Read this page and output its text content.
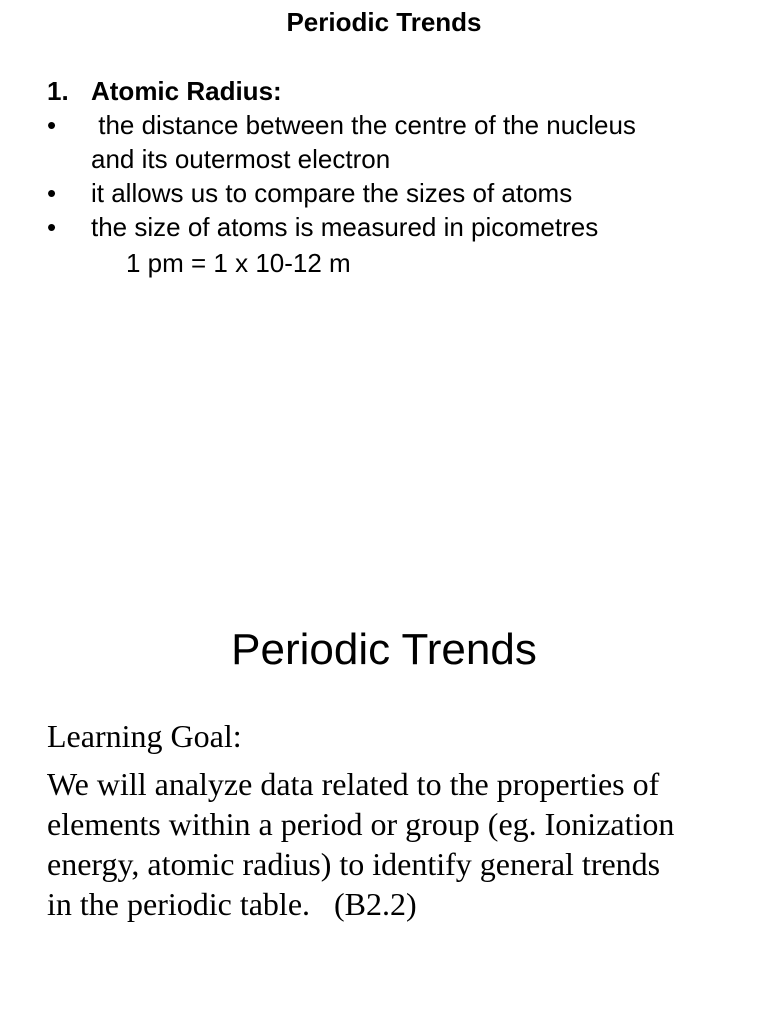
Periodic Trends
1. Atomic Radius:
•	the distance between the centre of the nucleus
and its outermost electron
•	it allows us to compare the sizes of atoms
•	the size of atoms is measured in picometres
1 pm = 1 x 10-12 m
Periodic Trends
Learning Goal:
We will analyze data related to the properties of
elements within a period or group (eg. Ionization
energy, atomic radius) to identify general trends
in the periodic table.   (B2.2)
